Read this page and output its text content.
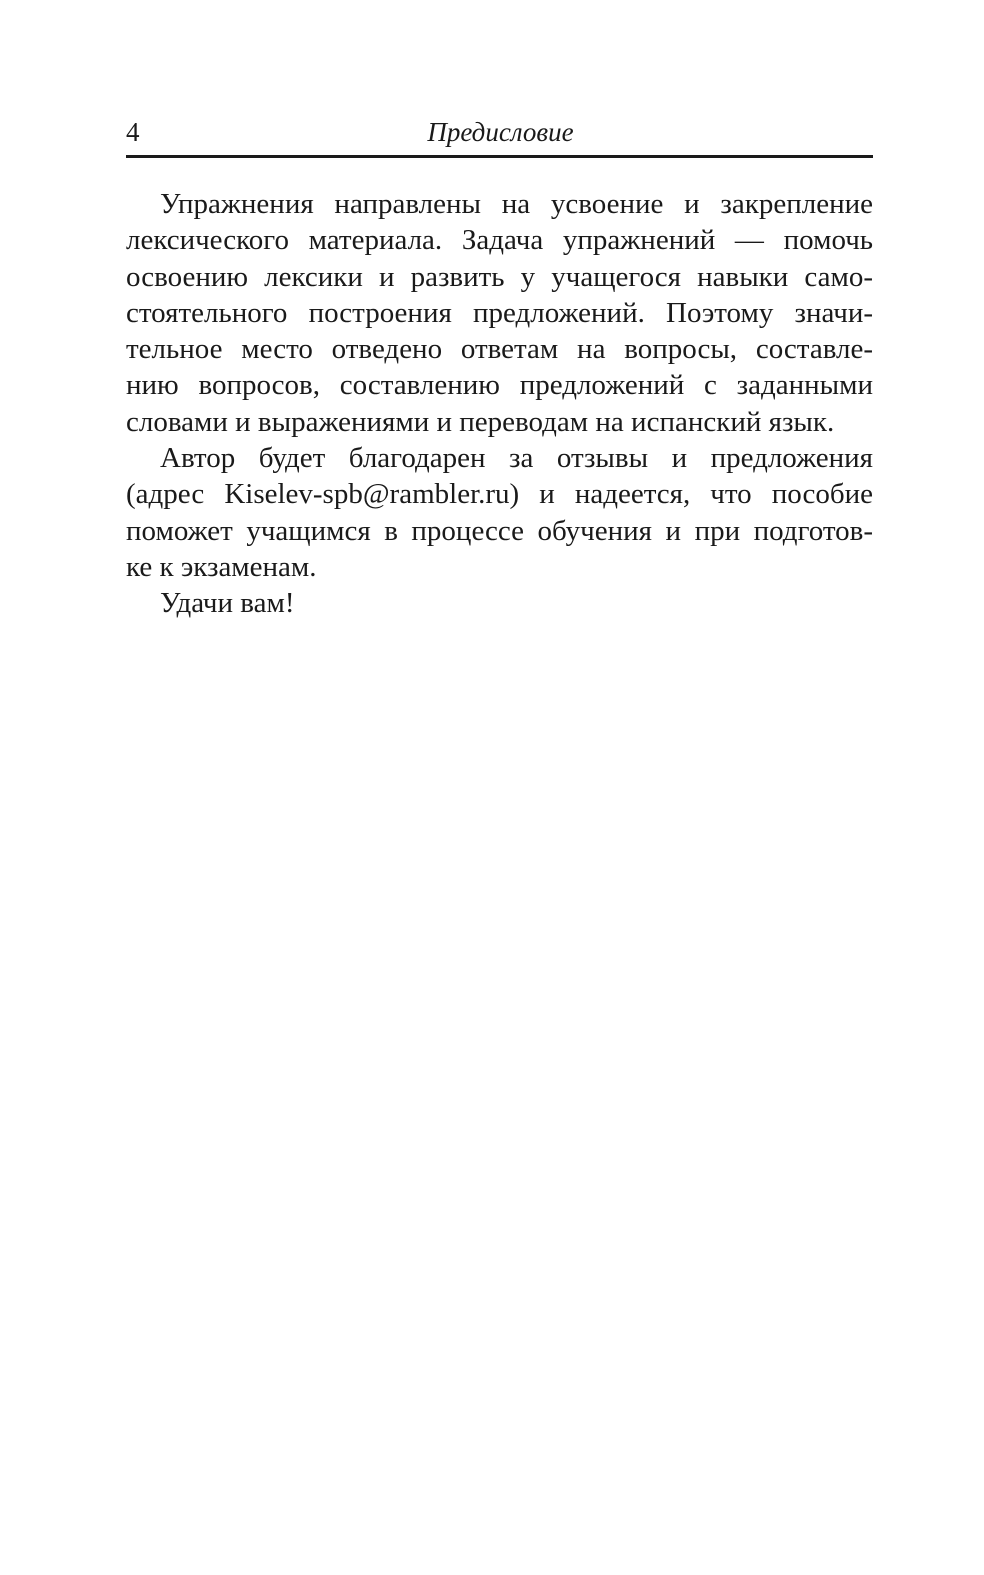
4	Предисловие
Упражнения направлены на усвоение и закрепление
лексического материала. Задача упражнений — помочь
освоению лексики и развить у учащегося навыки само-
стоятельного построения предложений. Поэтому значи-
тельное место отведено ответам на вопросы, составле-
нию вопросов, составлению предложений с заданными
словами и выражениями и переводам на испанский язык.
Автор будет благодарен за отзывы и предложения
(адрес Kiselev-spb@rambler.ru) и надеется, что пособие
поможет учащимся в процессе обучения и при подготов-
ке к экзаменам.
Удачи вам!
